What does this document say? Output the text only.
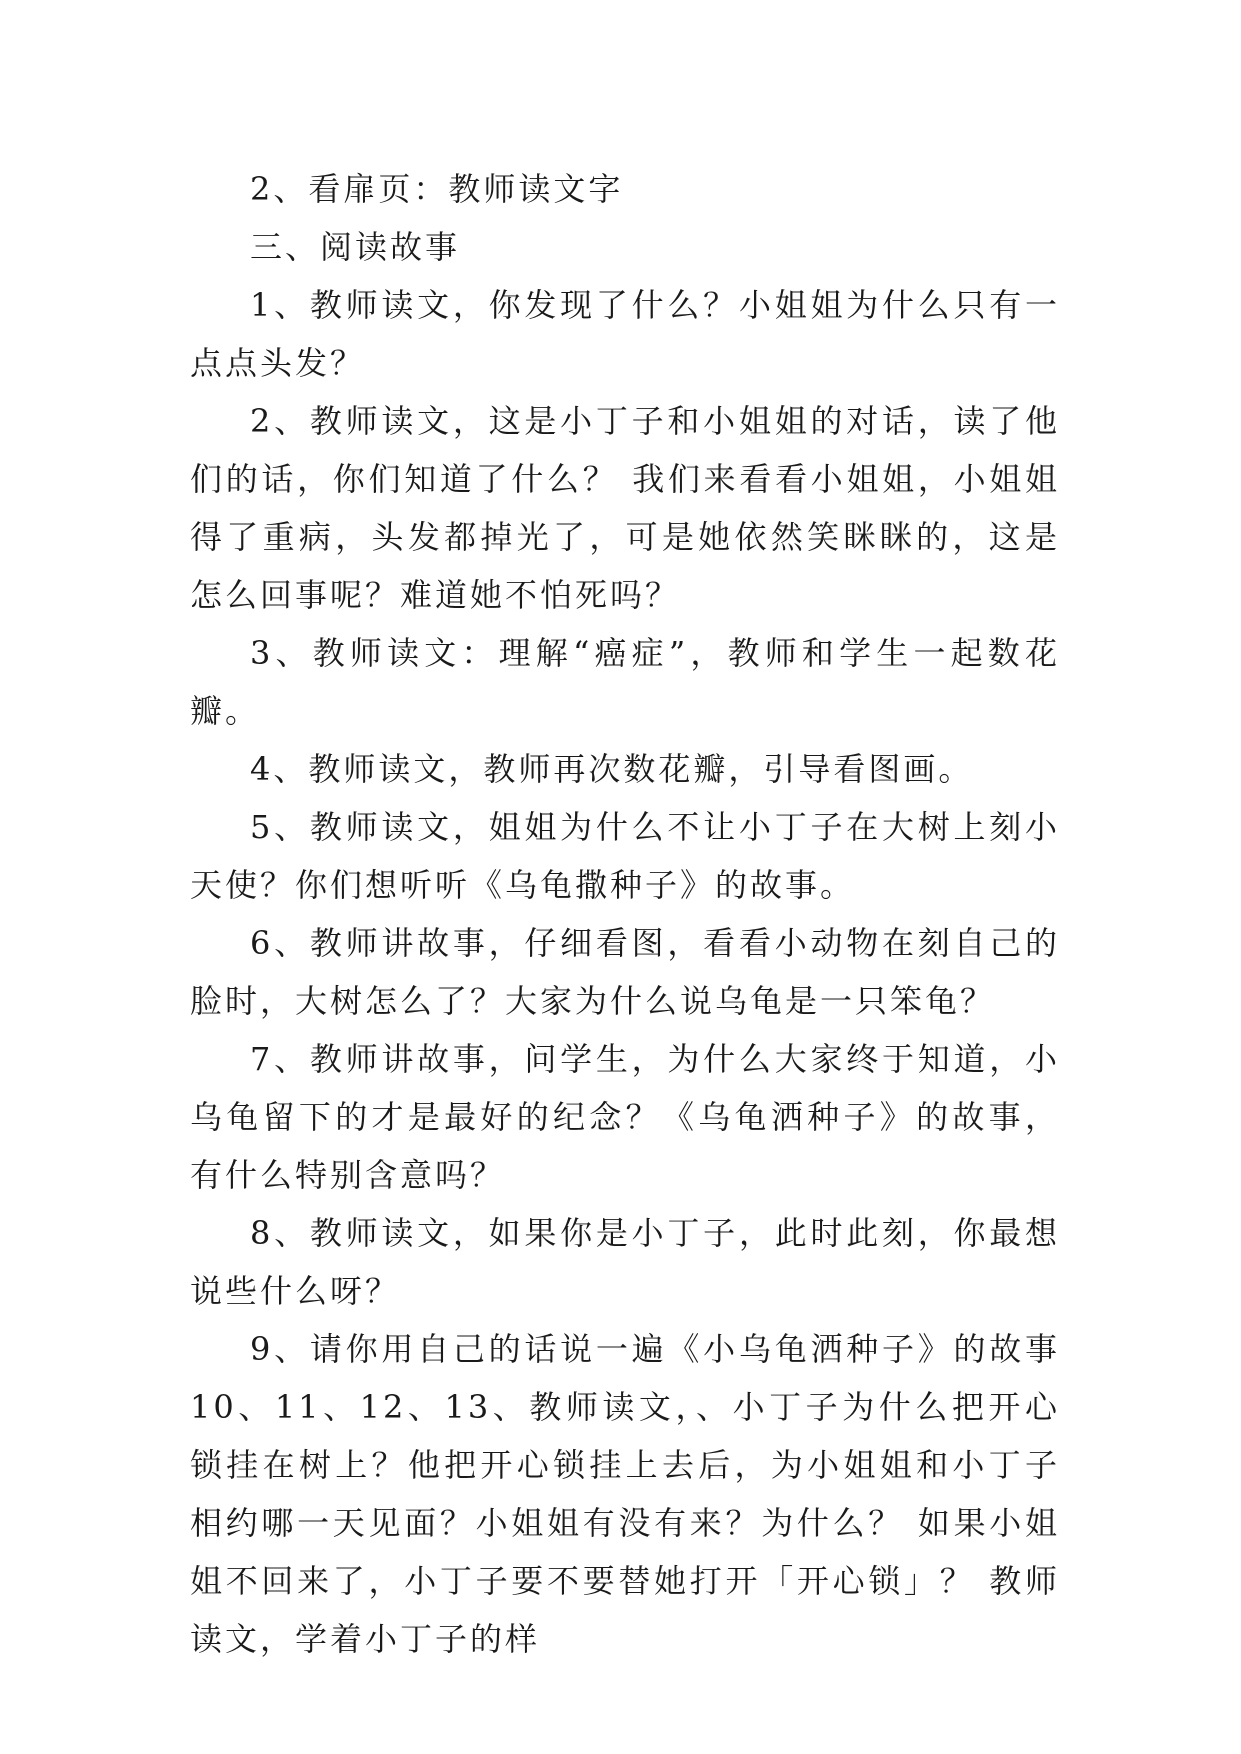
2、看扉页：教师读文字

三、阅读故事

1、教师读文，你发现了什么？小姐姐为什么只有一点点头发？

2、教师读文，这是小丁子和小姐姐的对话，读了他们的话，你们知道了什么？ 我们来看看小姐姐，小姐姐得了重病，头发都掉光了，可是她依然笑眯眯的，这是怎么回事呢？难道她不怕死吗？

3、教师读文：理解“癌症”，教师和学生一起数花瓣。

4、教师读文，教师再次数花瓣，引导看图画。

5、教师读文，姐姐为什么不让小丁子在大树上刻小天使？你们想听听《乌龟撒种子》的故事。

6、教师讲故事，仔细看图，看看小动物在刻自己的脸时，大树怎么了？大家为什么说乌龟是一只笨龟？

7、教师讲故事，问学生，为什么大家终于知道，小乌龟留下的才是最好的纪念？《乌龟洒种子》的故事，有什么特别含意吗？

8、教师读文，如果你是小丁子，此时此刻，你最想说些什么呀？

9、请你用自己的话说一遍《小乌龟洒种子》的故事 10、11、12、13、教师读文，、小丁子为什么把开心锁挂在树上？他把开心锁挂上去后，为小姐姐和小丁子相约哪一天见面？小姐姐有没有来？为什么？ 如果小姐姐不回来了，小丁子要不要替她打开「开心锁」？ 教师读文，学着小丁子的样
